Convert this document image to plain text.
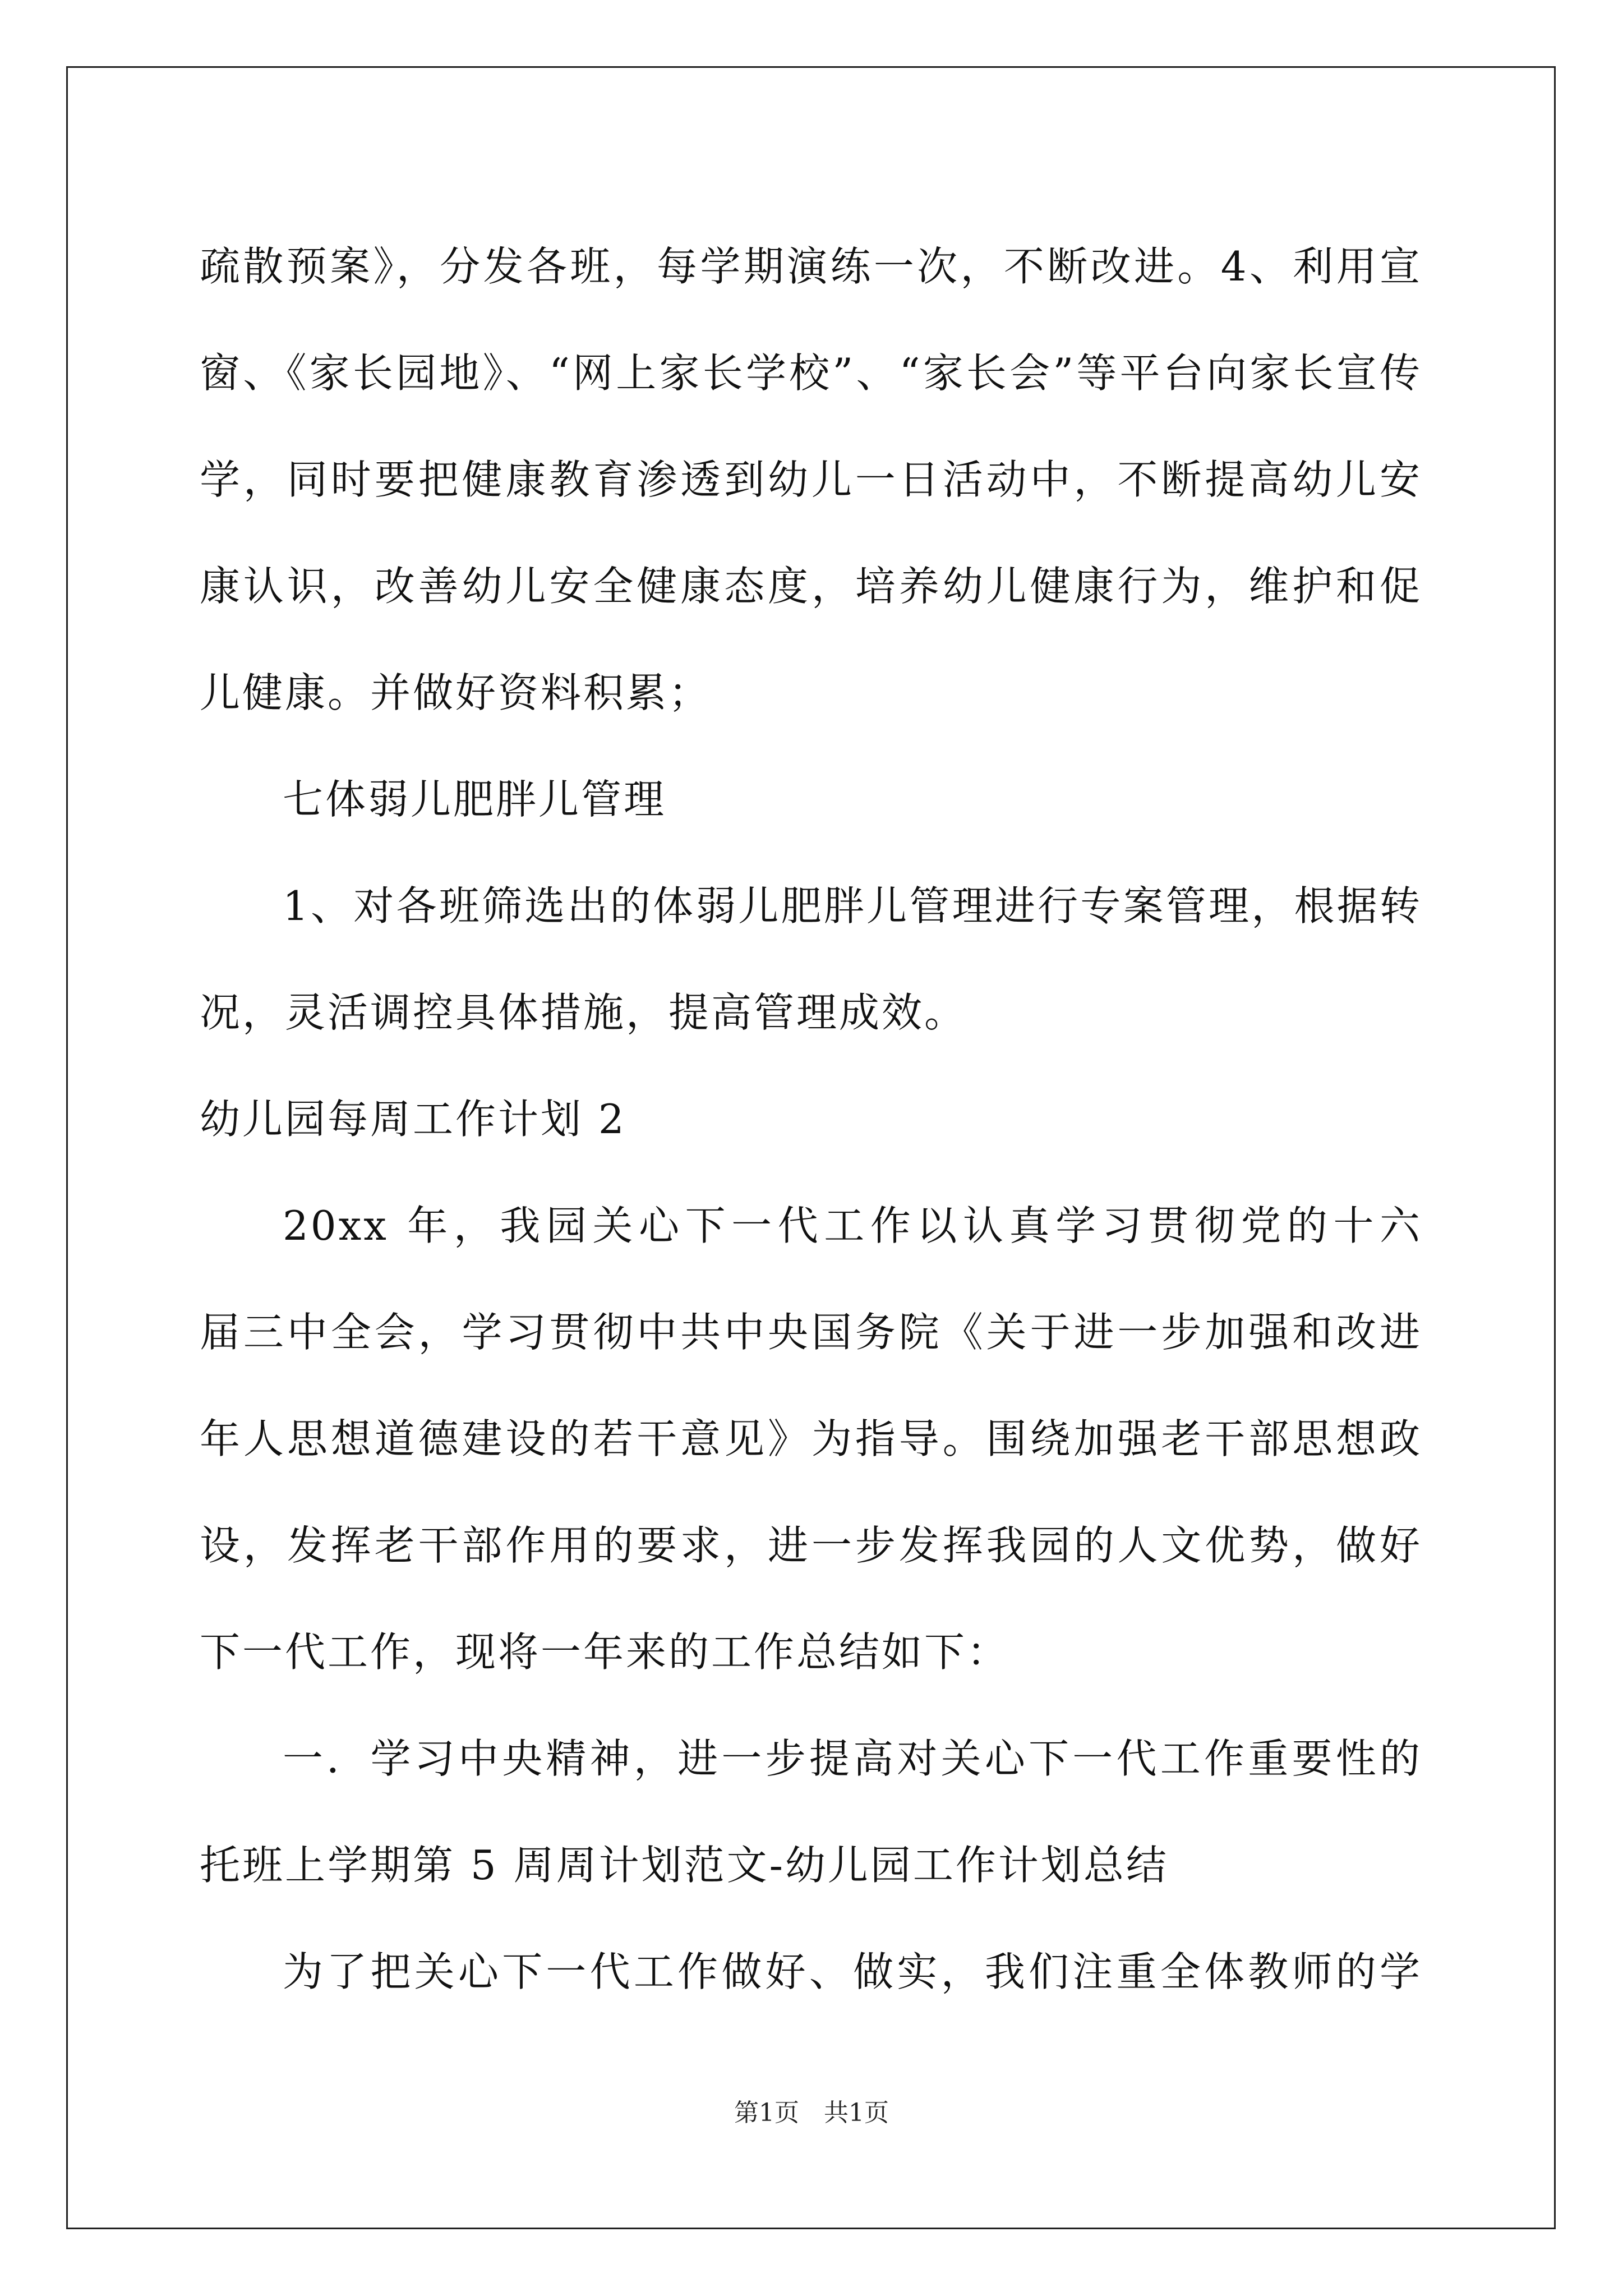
疏散预案》，分发各班，每学期演练一次，不断改进。4、利用宣
窗、《家长园地》、“网上家长学校”、“家长会”等平台向家长宣传
学，同时要把健康教育渗透到幼儿一日活动中，不断提高幼儿安
康认识，改善幼儿安全健康态度，培养幼儿健康行为，维护和促
儿健康。并做好资料积累；
七体弱儿肥胖儿管理
1、对各班筛选出的体弱儿肥胖儿管理进行专案管理，根据转
况，灵活调控具体措施，提高管理成效。
幼儿园每周工作计划 2
20xx 年，我园关心下一代工作以认真学习贯彻党的十六
届三中全会，学习贯彻中共中央国务院《关于进一步加强和改进
年人思想道德建设的若干意见》为指导。围绕加强老干部思想政
设，发挥老干部作用的要求，进一步发挥我园的人文优势，做好
下一代工作，现将一年来的工作总结如下：
一．学习中央精神，进一步提高对关心下一代工作重要性的
托班上学期第 5 周周计划范文-幼儿园工作计划总结
为了把关心下一代工作做好、做实，我们注重全体教师的学
第1页　共1页
